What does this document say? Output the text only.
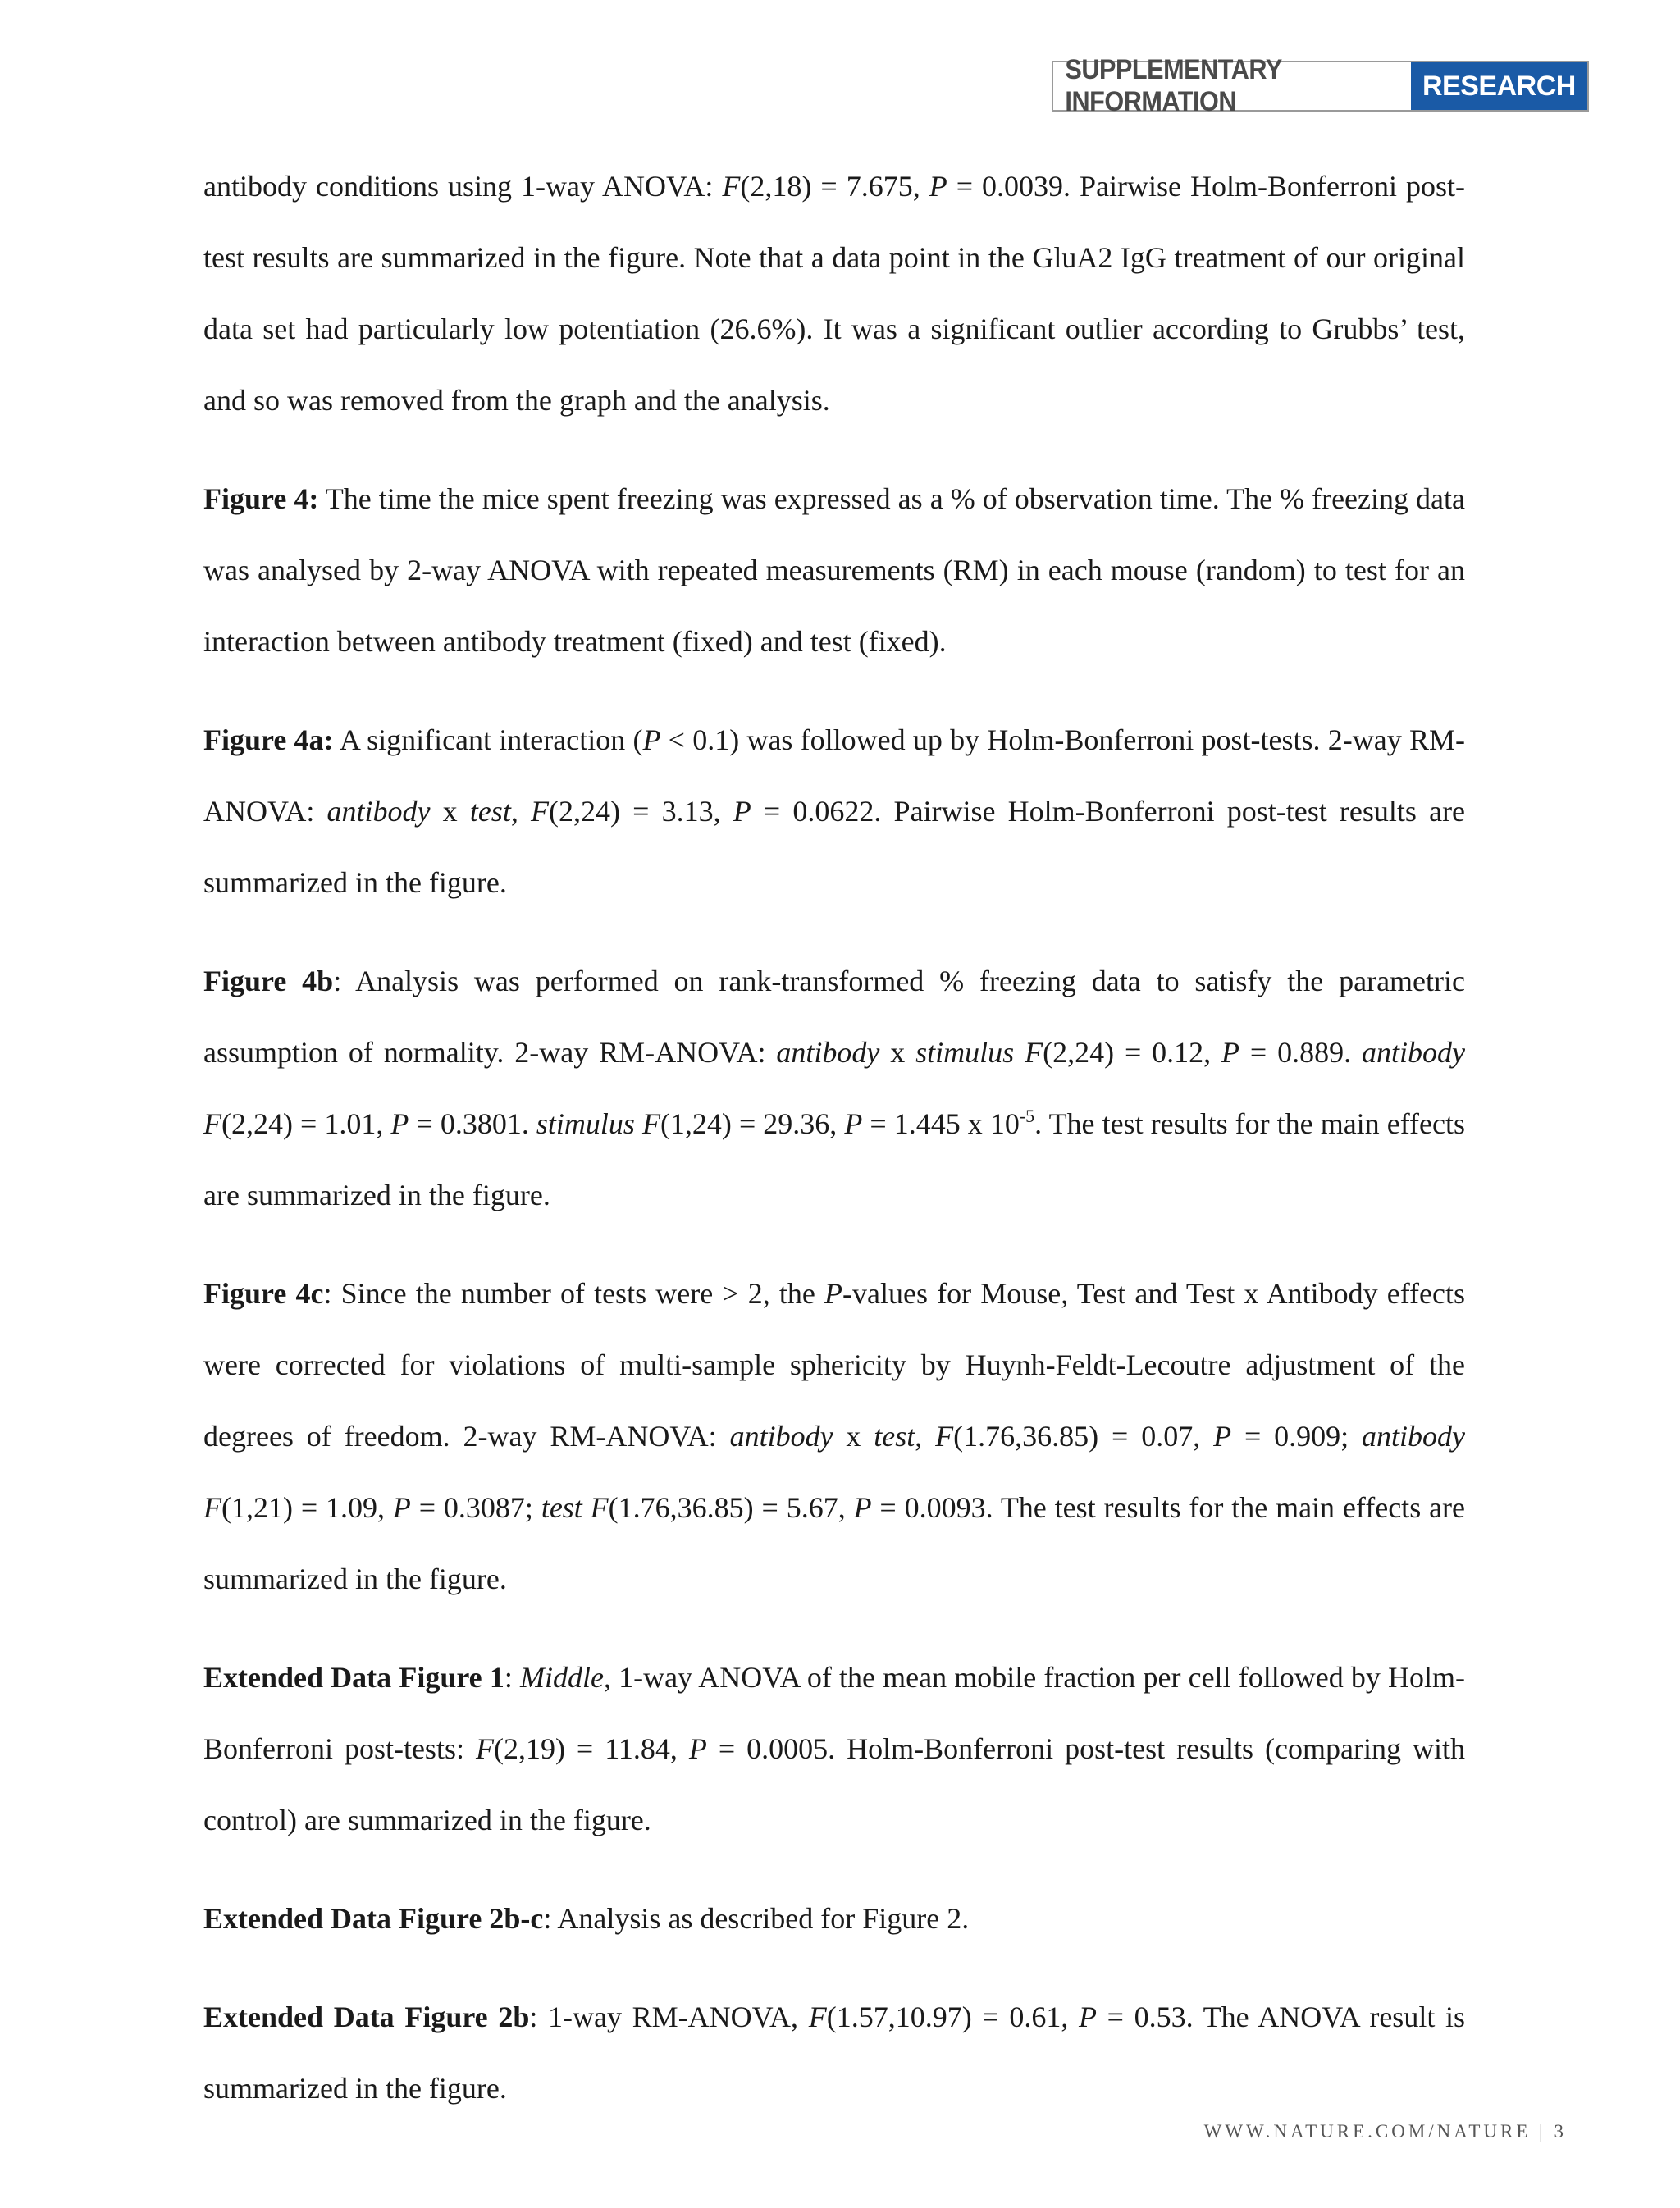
SUPPLEMENTARY INFORMATION
RESEARCH

antibody conditions using 1-way ANOVA: F(2,18) = 7.675, P = 0.0039. Pairwise Holm-Bonferroni post-test results are summarized in the figure. Note that a data point in the GluA2 IgG treatment of our original data set had particularly low potentiation (26.6%). It was a significant outlier according to Grubbs’ test, and so was removed from the graph and the analysis.

Figure 4: The time the mice spent freezing was expressed as a % of observation time. The % freezing data was analysed by 2-way ANOVA with repeated measurements (RM) in each mouse (random) to test for an interaction between antibody treatment (fixed) and test (fixed).

Figure 4a: A significant interaction (P < 0.1) was followed up by Holm-Bonferroni post-tests. 2-way RM-ANOVA: antibody x test, F(2,24) = 3.13, P = 0.0622. Pairwise Holm-Bonferroni post-test results are summarized in the figure.

Figure 4b: Analysis was performed on rank-transformed % freezing data to satisfy the parametric assumption of normality. 2-way RM-ANOVA: antibody x stimulus F(2,24) = 0.12, P = 0.889. antibody F(2,24) = 1.01, P = 0.3801. stimulus F(1,24) = 29.36, P = 1.445 x $10^{-5}$. The test results for the main effects are summarized in the figure.

Figure 4c: Since the number of tests were > 2, the P-values for Mouse, Test and Test x Antibody effects were corrected for violations of multi-sample sphericity by Huynh-Feldt-Lecoutre adjustment of the degrees of freedom. 2-way RM-ANOVA: antibody x test, F(1.76,36.85) = 0.07, P = 0.909; antibody F(1,21) = 1.09, P = 0.3087; test F(1.76,36.85) = 5.67, P = 0.0093. The test results for the main effects are summarized in the figure.

Extended Data Figure 1: Middle, 1-way ANOVA of the mean mobile fraction per cell followed by Holm-Bonferroni post-tests: F(2,19) = 11.84, P = 0.0005. Holm-Bonferroni post-test results (comparing with control) are summarized in the figure.

Extended Data Figure 2b-c: Analysis as described for Figure 2.

Extended Data Figure 2b: 1-way RM-ANOVA, F(1.57,10.97) = 0.61, P = 0.53. The ANOVA result is summarized in the figure.

WWW.NATURE.COM/NATURE | 3
